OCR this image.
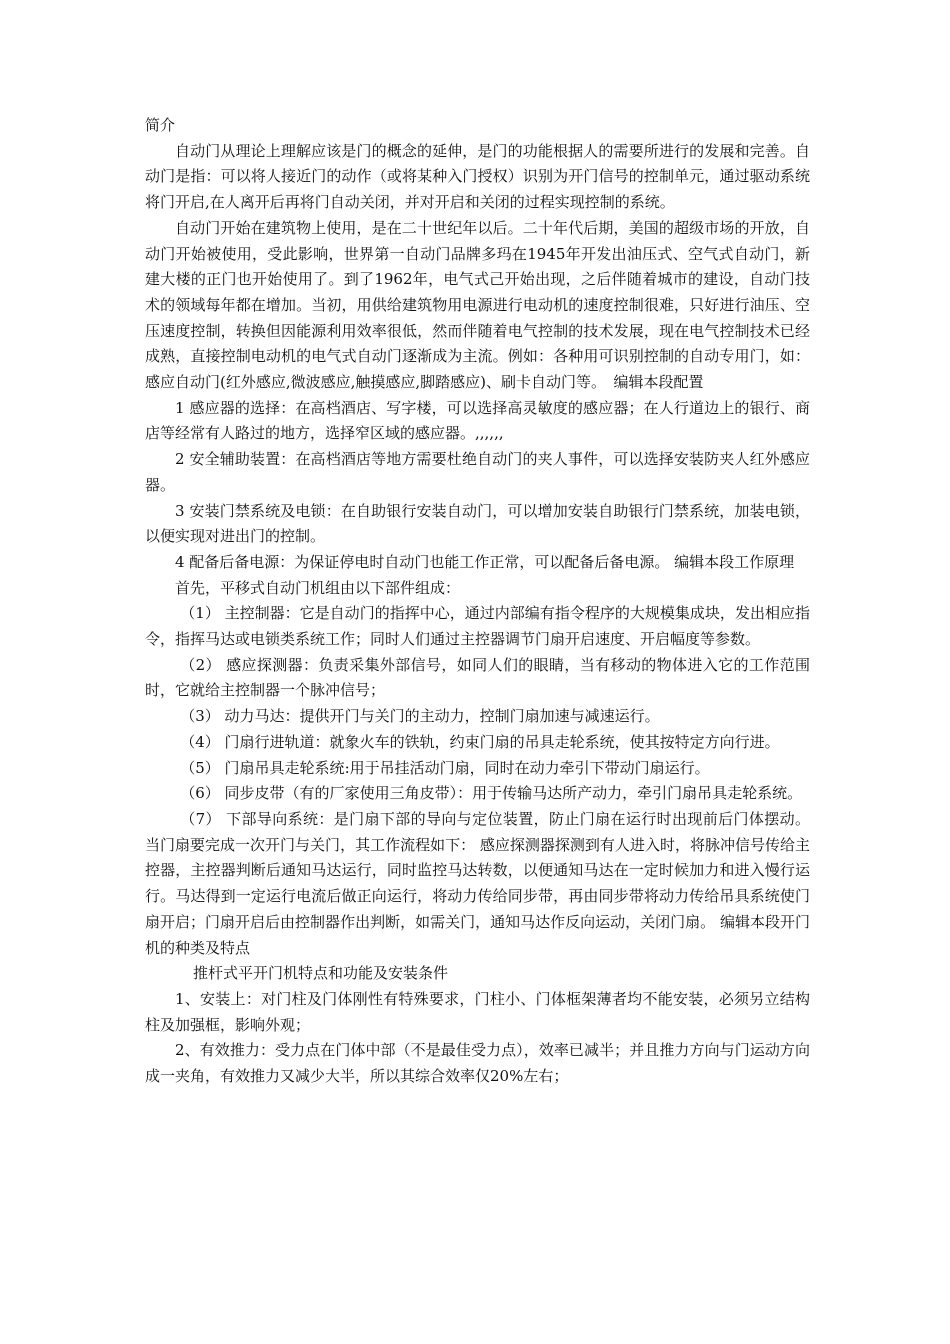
简介

自动门从理论上理解应该是门的概念的延伸，是门的功能根据人的需要所进行的发展和完善。自动门是指：可以将人接近门的动作（或将某种入门授权）识别为开门信号的控制单元，通过驱动系统将门开启,在人离开后再将门自动关闭，并对开启和关闭的过程实现控制的系统。

自动门开始在建筑物上使用，是在二十世纪年以后。二十年代后期，美国的超级市场的开放，自动门开始被使用，受此影响，世界第一自动门品牌多玛在1945年开发出油压式、空气式自动门，新建大楼的正门也开始使用了。到了1962年，电气式己开始出现，之后伴随着城市的建设，自动门技术的领域每年都在增加。当初，用供给建筑物用电源进行电动机的速度控制很难，只好进行油压、空压速度控制，转换但因能源利用效率很低，然而伴随着电气控制的技术发展，现在电气控制技术已经成熟，直接控制电动机的电气式自动门逐渐成为主流。例如：各种用可识别控制的自动专用门，如：感应自动门(红外感应,微波感应,触摸感应,脚踏感应)、刷卡自动门等。　编辑本段配置

1 感应器的选择：在高档酒店、写字楼，可以选择高灵敏度的感应器；在人行道边上的银行、商店等经常有人路过的地方，选择窄区域的感应器。,,,,,,

2 安全辅助装置：在高档酒店等地方需要杜绝自动门的夹人事件，可以选择安装防夹人红外感应器。

3 安装门禁系统及电锁：在自助银行安装自动门，可以增加安装自助银行门禁系统，加装电锁，以便实现对进出门的控制。

4 配备后备电源：为保证停电时自动门也能工作正常，可以配备后备电源。 编辑本段工作原理

首先，平移式自动门机组由以下部件组成：

（1） 主控制器：它是自动门的指挥中心，通过内部编有指令程序的大规模集成块，发出相应指令，指挥马达或电锁类系统工作；同时人们通过主控器调节门扇开启速度、开启幅度等参数。

（2） 感应探测器：负责采集外部信号，如同人们的眼睛，当有移动的物体进入它的工作范围时，它就给主控制器一个脉冲信号；

（3） 动力马达：提供开门与关门的主动力，控制门扇加速与减速运行。

（4） 门扇行进轨道：就象火车的铁轨，约束门扇的吊具走轮系统，使其按特定方向行进。

（5） 门扇吊具走轮系统:用于吊挂活动门扇，同时在动力牵引下带动门扇运行。

（6） 同步皮带（有的厂家使用三角皮带）：用于传输马达所产动力，牵引门扇吊具走轮系统。

（7） 下部导向系统：是门扇下部的导向与定位装置，防止门扇在运行时出现前后门体摆动。 当门扇要完成一次开门与关门，其工作流程如下： 感应探测器探测到有人进入时，将脉冲信号传给主控器，主控器判断后通知马达运行，同时监控马达转数，以便通知马达在一定时候加力和进入慢行运行。马达得到一定运行电流后做正向运行，将动力传给同步带，再由同步带将动力传给吊具系统使门扇开启；门扇开启后由控制器作出判断，如需关门，通知马达作反向运动，关闭门扇。 编辑本段开门机的种类及特点

推杆式平开门机特点和功能及安装条件

1、安装上：对门柱及门体刚性有特殊要求，门柱小、门体框架薄者均不能安装，必须另立结构柱及加强框，影响外观；

2、有效推力：受力点在门体中部（不是最佳受力点），效率已减半；并且推力方向与门运动方向成一夹角，有效推力又减少大半，所以其综合效率仅20%左右；
